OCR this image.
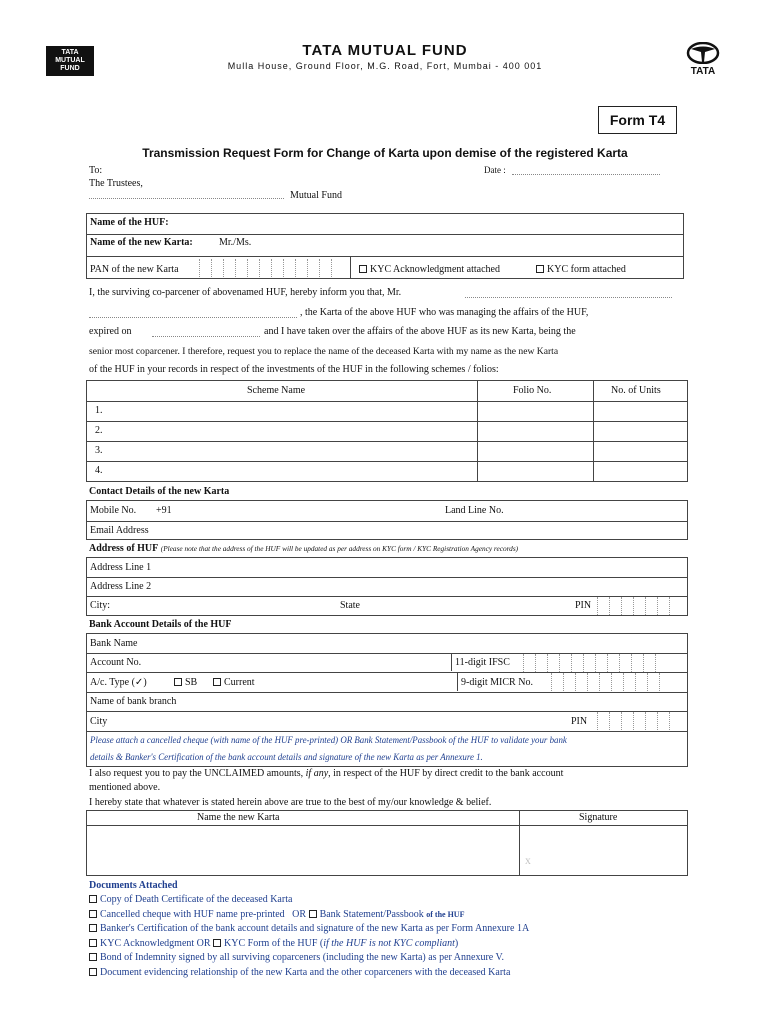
TATA
MUTUAL
FUND
TATA MUTUAL FUND
Mulla House, Ground Floor, M.G. Road, Fort, Mumbai - 400 001	TATA
Form T4
Transmission Request Form for Change of Karta upon demise of the registered Karta
To:
The Trustees,
Mutual Fund
Date :
Name of the HUF:
Name of the new Karta:	Mr./Ms.
PAN of the new Karta	KYC Acknowledgment attached	KYC form attached
I, the surviving co-parcener of abovenamed HUF, hereby inform you that, Mr.
, the Karta of the above HUF who was managing the affairs of the HUF,
expired on	and I have taken over the affairs of the above HUF as its new Karta, being the
senior most coparcener. I therefore, request you to replace the name of the deceased Karta with my name as the new Karta
of the HUF in your records in respect of the investments of the HUF in the following schemes / folios:
Scheme Name	Folio No.	No. of Units
1.
2.
3.
4.
Contact Details of the new Karta
Mobile No. +91	Land Line No.
Email Address
Address of HUF (Please note that the address of the HUF will be updated as per address on KYC form / KYC Registration Agency records)
Address Line 1
Address Line 2
City:	State	PIN
Bank Account Details of the HUF
Bank Name
Account No.	11-digit IFSC
A/c. Type (✓)	SB	Current	9-digit MICR No.
Name of bank branch
City	PIN
Please attach a cancelled cheque (with name of the HUF pre-printed) OR Bank Statement/Passbook of the HUF to validate your bank
details & Banker's Certification of the bank account details and signature of the new Karta as per Annexure 1.
I also request you to pay the UNCLAIMED amounts, if any, in respect of the HUF by direct credit to the bank account
mentioned above.
I hereby state that whatever is stated herein above are true to the best of my/our knowledge & belief.
Name the new Karta	Signature
X
Documents Attached
Copy of Death Certificate of the deceased Karta
Cancelled cheque with HUF name pre-printed OR Bank Statement/Passbook of the HUF
Banker's Certification of the bank account details and signature of the new Karta as per Form Annexure 1A
KYC Acknowledgment OR KYC Form of the HUF (if the HUF is not KYC compliant)
Bond of Indemnity signed by all surviving coparceners (including the new Karta) as per Annexure V.
Document evidencing relationship of the new Karta and the other coparceners with the deceased Karta
